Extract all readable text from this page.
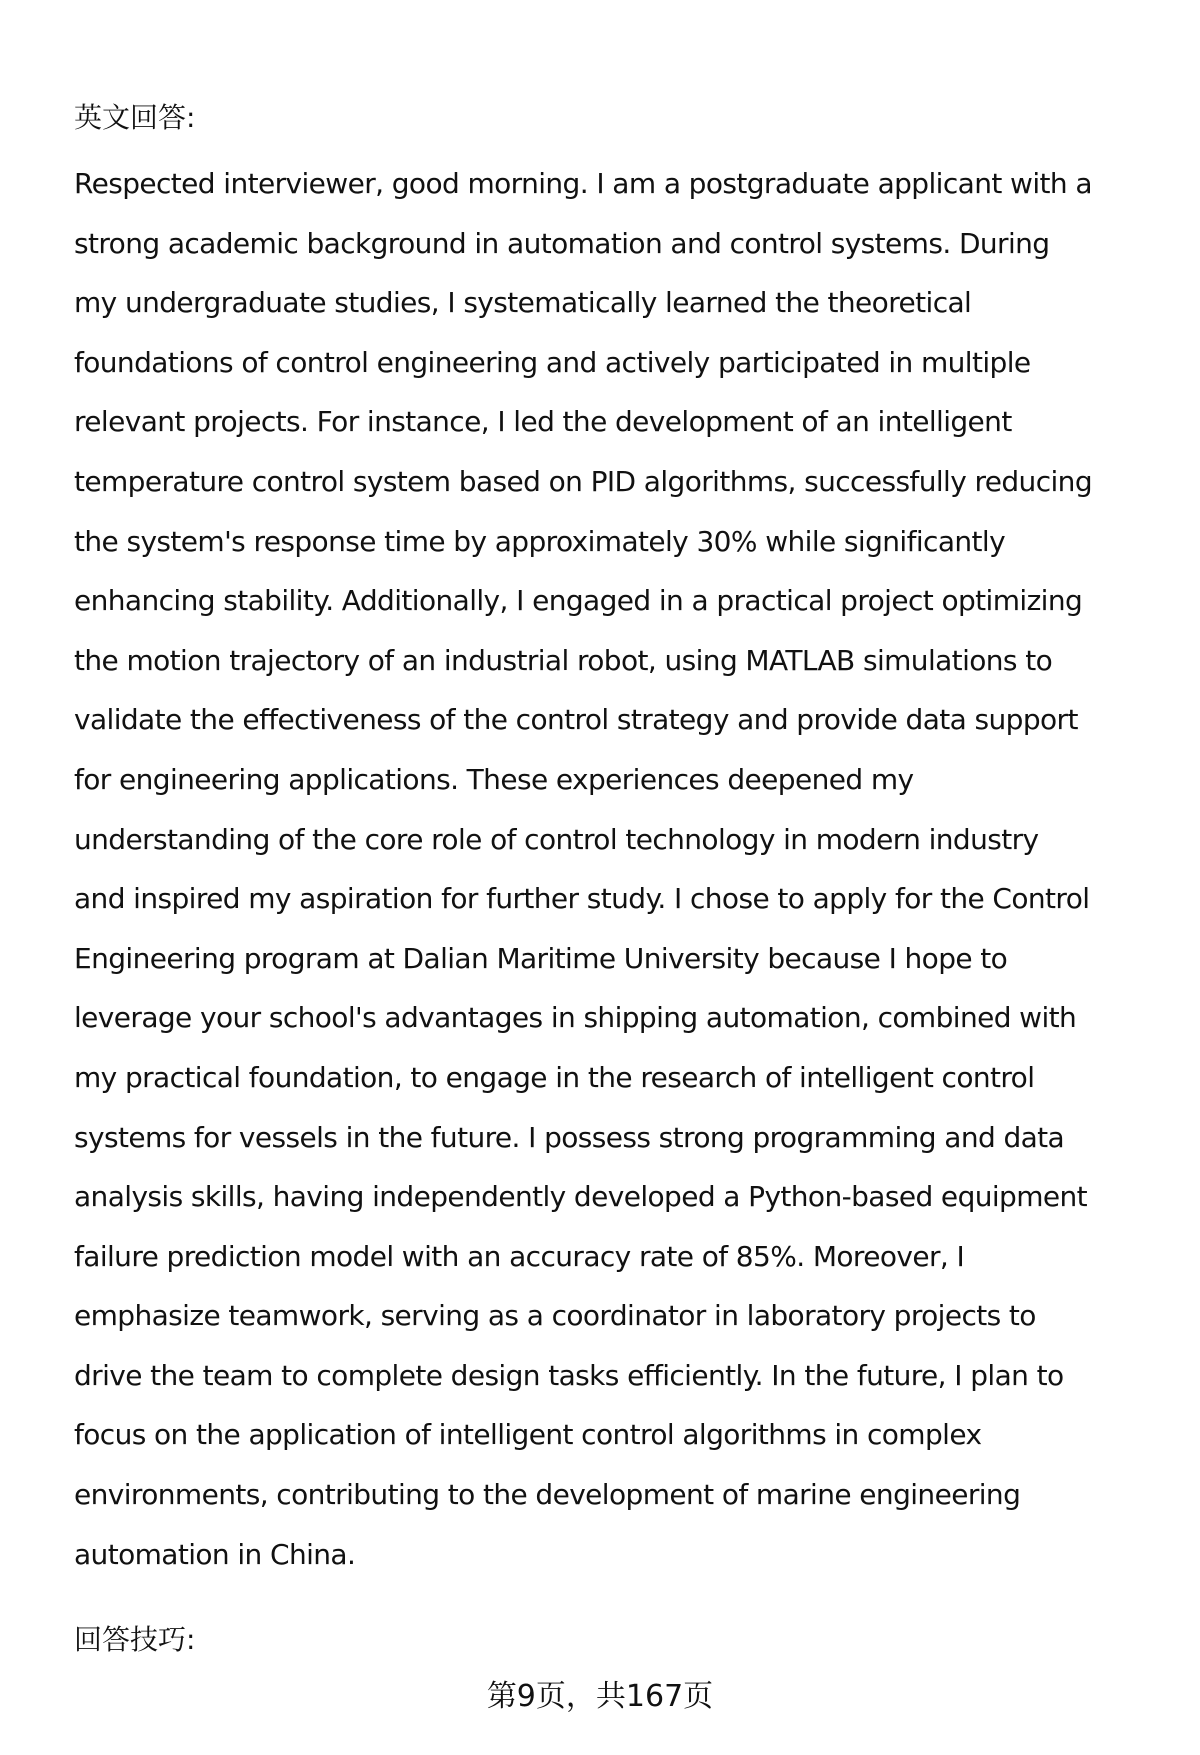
英文回答:

Respected interviewer, good morning. I am a postgraduate applicant with a
strong academic background in automation and control systems. During
my undergraduate studies, I systematically learned the theoretical
foundations of control engineering and actively participated in multiple
relevant projects. For instance, I led the development of an intelligent
temperature control system based on PID algorithms, successfully reducing
the system's response time by approximately 30% while significantly
enhancing stability. Additionally, I engaged in a practical project optimizing
the motion trajectory of an industrial robot, using MATLAB simulations to
validate the effectiveness of the control strategy and provide data support
for engineering applications. These experiences deepened my
understanding of the core role of control technology in modern industry
and inspired my aspiration for further study. I chose to apply for the Control
Engineering program at Dalian Maritime University because I hope to
leverage your school's advantages in shipping automation, combined with
my practical foundation, to engage in the research of intelligent control
systems for vessels in the future. I possess strong programming and data
analysis skills, having independently developed a Python-based equipment
failure prediction model with an accuracy rate of 85%. Moreover, I
emphasize teamwork, serving as a coordinator in laboratory projects to
drive the team to complete design tasks efficiently. In the future, I plan to
focus on the application of intelligent control algorithms in complex
environments, contributing to the development of marine engineering
automation in China.

回答技巧:
第9页，共167页
